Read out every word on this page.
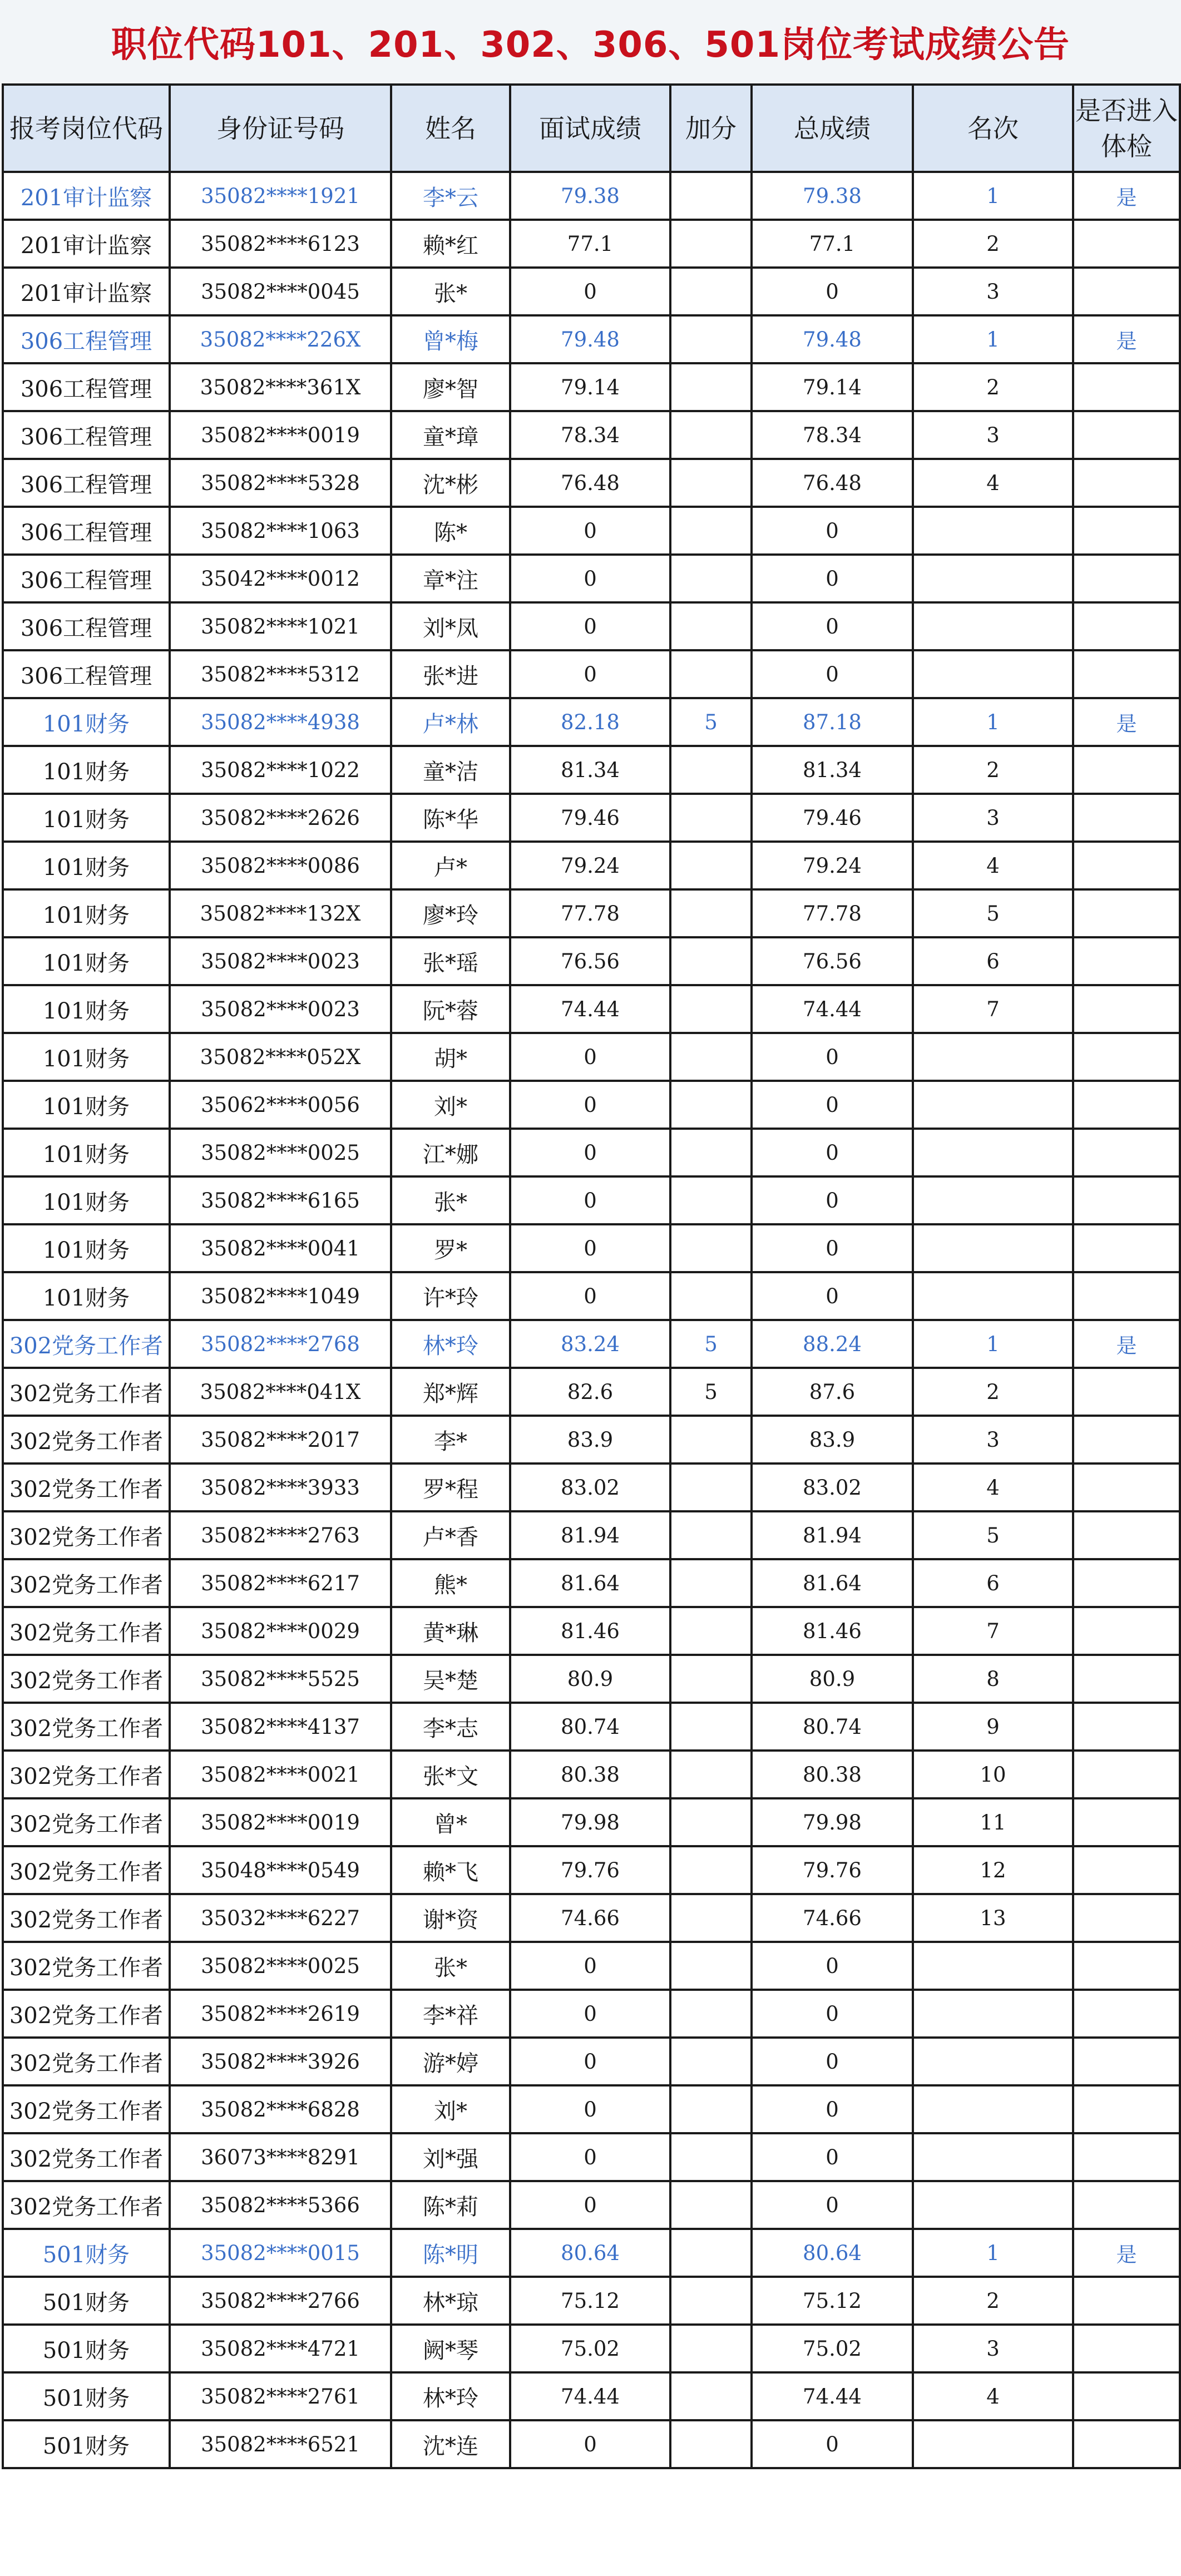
职位代码101、201、302、306、501岗位考试成绩公告
报考岗位代码	身份证号码	姓名	面试成绩	加分	总成绩	名次	是否进入体检
201审计监察	35082****1921	李*云	79.38		79.38	1	是
201审计监察	35082****6123	赖*红	77.1		77.1	2	
201审计监察	35082****0045	张*	0		0	3	
306工程管理	35082****226X	曾*梅	79.48		79.48	1	是
306工程管理	35082****361X	廖*智	79.14		79.14	2	
306工程管理	35082****0019	童*璋	78.34		78.34	3	
306工程管理	35082****5328	沈*彬	76.48		76.48	4	
306工程管理	35082****1063	陈*	0		0		
306工程管理	35042****0012	章*注	0		0		
306工程管理	35082****1021	刘*凤	0		0		
306工程管理	35082****5312	张*进	0		0		
101财务	35082****4938	卢*林	82.18	5	87.18	1	是
101财务	35082****1022	童*洁	81.34		81.34	2	
101财务	35082****2626	陈*华	79.46		79.46	3	
101财务	35082****0086	卢*	79.24		79.24	4	
101财务	35082****132X	廖*玲	77.78		77.78	5	
101财务	35082****0023	张*瑶	76.56		76.56	6	
101财务	35082****0023	阮*蓉	74.44		74.44	7	
101财务	35082****052X	胡*	0		0		
101财务	35062****0056	刘*	0		0		
101财务	35082****0025	江*娜	0		0		
101财务	35082****6165	张*	0		0		
101财务	35082****0041	罗*	0		0		
101财务	35082****1049	许*玲	0		0		
302党务工作者	35082****2768	林*玲	83.24	5	88.24	1	是
302党务工作者	35082****041X	郑*辉	82.6	5	87.6	2	
302党务工作者	35082****2017	李*	83.9		83.9	3	
302党务工作者	35082****3933	罗*程	83.02		83.02	4	
302党务工作者	35082****2763	卢*香	81.94		81.94	5	
302党务工作者	35082****6217	熊*	81.64		81.64	6	
302党务工作者	35082****0029	黄*琳	81.46		81.46	7	
302党务工作者	35082****5525	吴*楚	80.9		80.9	8	
302党务工作者	35082****4137	李*志	80.74		80.74	9	
302党务工作者	35082****0021	张*文	80.38		80.38	10	
302党务工作者	35082****0019	曾*	79.98		79.98	11	
302党务工作者	35048****0549	赖*飞	79.76		79.76	12	
302党务工作者	35032****6227	谢*资	74.66		74.66	13	
302党务工作者	35082****0025	张*	0		0		
302党务工作者	35082****2619	李*祥	0		0		
302党务工作者	35082****3926	游*婷	0		0		
302党务工作者	35082****6828	刘*	0		0		
302党务工作者	36073****8291	刘*强	0		0		
302党务工作者	35082****5366	陈*莉	0		0		
501财务	35082****0015	陈*明	80.64		80.64	1	是
501财务	35082****2766	林*琼	75.12		75.12	2	
501财务	35082****4721	阙*琴	75.02		75.02	3	
501财务	35082****2761	林*玲	74.44		74.44	4	
501财务	35082****6521	沈*连	0		0		
